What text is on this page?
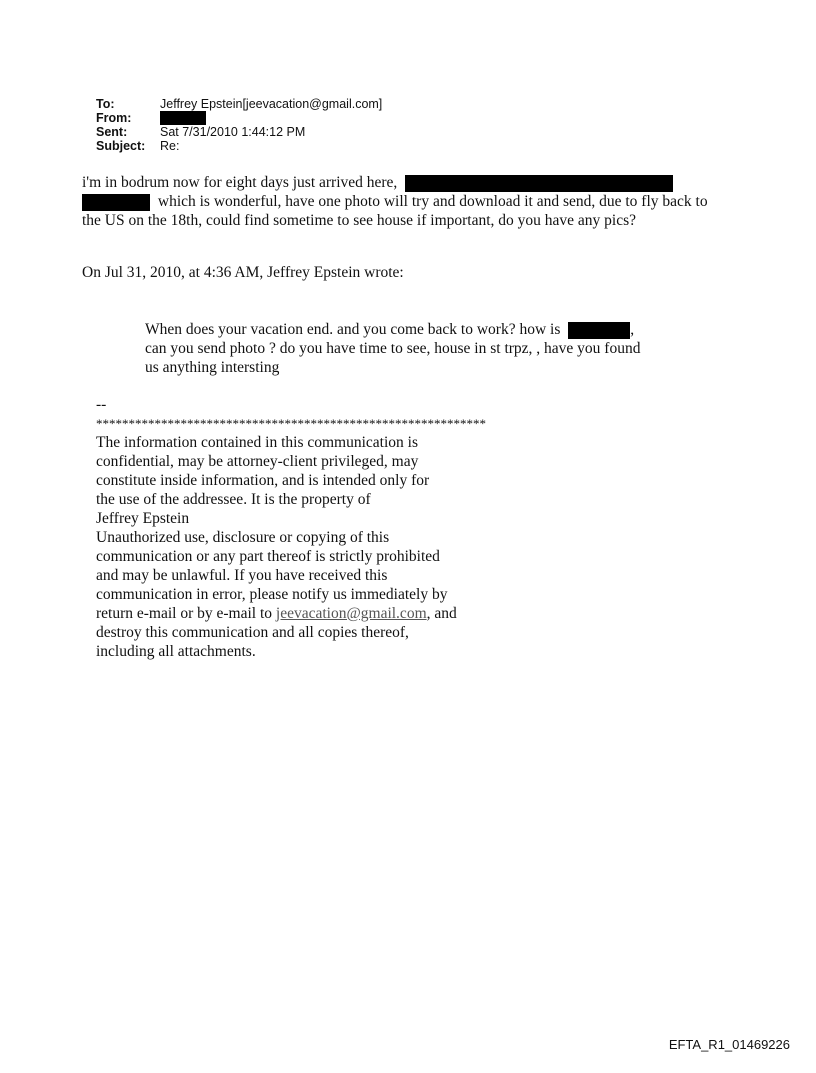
To:	Jeffrey Epstein[jeevacation@gmail.com]
From:
Sent:	Sat 7/31/2010 1:44:12 PM
Subject:	Re:
i'm in bodrum now for eight days just arrived here,
which is wonderful, have one photo will try and download it and send, due to fly back to
the US on the 18th, could find sometime to see house if important, do you have any pics?
On Jul 31, 2010, at 4:36 AM, Jeffrey Epstein wrote:
When does your vacation end. and you come back to work? how is	,
can you send photo ? do you have time to see, house in st trpz, , have you found
us anything intersting
--
************************************************************
The information contained in this communication is
confidential, may be attorney-client privileged, may
constitute inside information, and is intended only for
the use of the addressee. It is the property of
Jeffrey Epstein
Unauthorized use, disclosure or copying of this
communication or any part thereof is strictly prohibited
and may be unlawful. If you have received this
communication in error, please notify us immediately by
return e-mail or by e-mail to jeevacation@gmail.com, and
destroy this communication and all copies thereof,
including all attachments.
EFTA_R1_01469226
